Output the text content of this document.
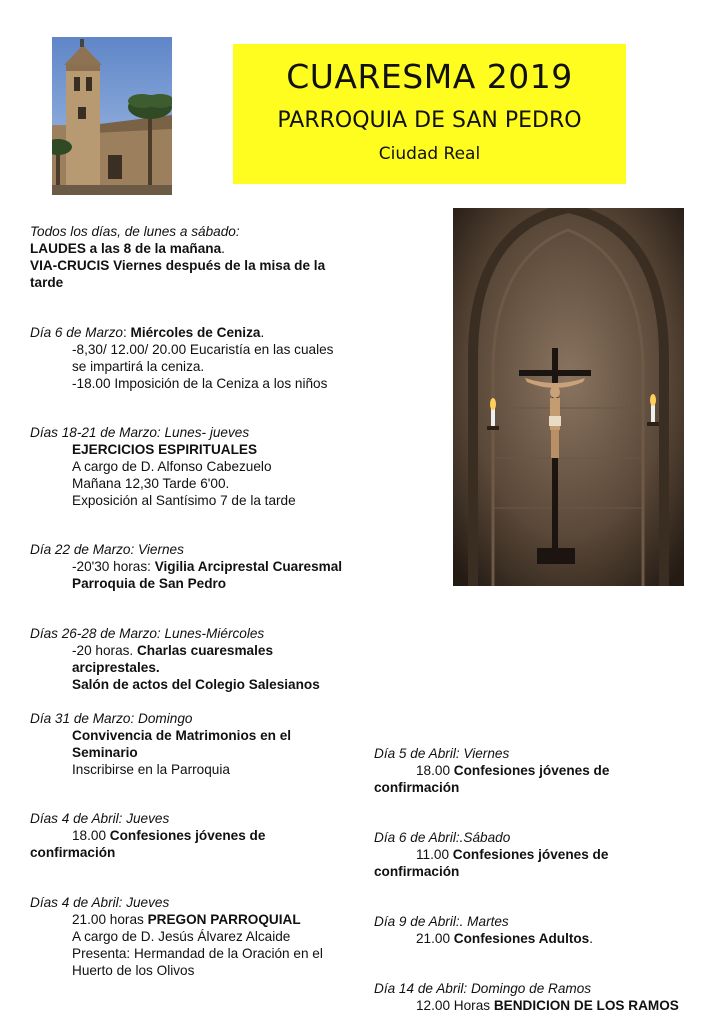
CUARESMA 2019
PARROQUIA DE SAN PEDRO
Ciudad Real
Todos los días, de lunes a sábado:
LAUDES a las 8 de la mañana.
VIA-CRUCIS Viernes después de la misa de la tarde
Día 6 de Marzo: Miércoles de Ceniza.
-8,30/ 12.00/ 20.00 Eucaristía en las cuales
se impartirá la ceniza.
-18.00 Imposición de la Ceniza a los niños
Días 18-21 de Marzo: Lunes- jueves
EJERCICIOS ESPIRITUALES
A cargo de D. Alfonso Cabezuelo
Mañana 12,30 Tarde 6'00.
Exposición al Santísimo 7 de la tarde
Día 22 de Marzo: Viernes
-20'30 horas: Vigilia Arciprestal Cuaresmal
Parroquia de San Pedro
Días 26-28 de Marzo: Lunes-Miércoles
-20 horas. Charlas cuaresmales
arciprestales.
Salón de actos del Colegio Salesianos
Día 31 de Marzo: Domingo
Convivencia de Matrimonios en el
Seminario
Inscribirse en la Parroquia
Días 4 de Abril: Jueves
18.00 Confesiones jóvenes de
confirmación
Días 4 de Abril: Jueves
21.00 horas PREGON PARROQUIAL
A cargo de D. Jesús Álvarez Alcaide
Presenta: Hermandad de la Oración en el
Huerto de los Olivos
Día 5 de Abril: Viernes
18.00 Confesiones jóvenes de
confirmación
Día 6 de Abril:.Sábado
11.00 Confesiones jóvenes de
confirmación
Día 9 de Abril:. Martes
21.00 Confesiones Adultos.
Día 14 de Abril: Domingo de Ramos
12.00 Horas BENDICION DE LOS RAMOS
